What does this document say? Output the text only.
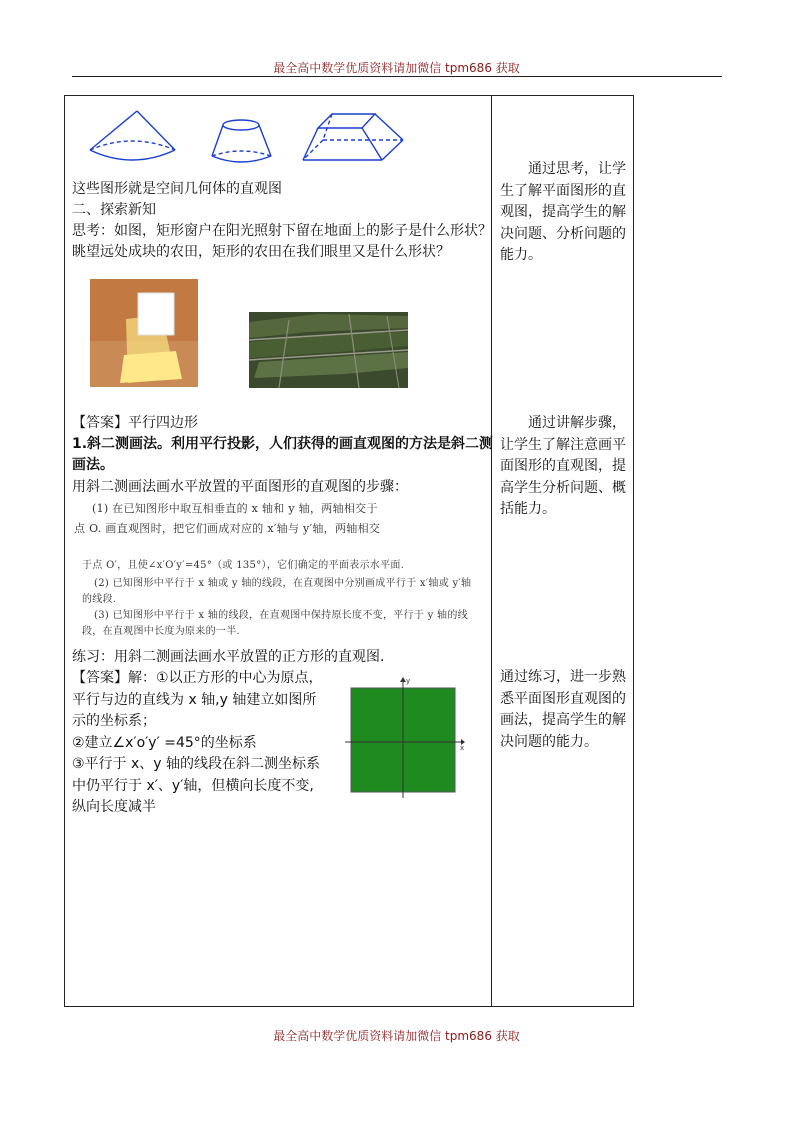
最全高中数学优质资料请加微信 tpm686 获取
这些图形就是空间几何体的直观图
二、探索新知
思考：如图，矩形窗户在阳光照射下留在地面上的影子是什么形状？
眺望远处成块的农田，矩形的农田在我们眼里又是什么形状？
通过思考，让学生了解平面图形的直观图，提高学生的解决问题、分析问题的能力。
通过讲解步骤，让学生了解注意画平面图形的直观图，提高学生分析问题、概括能力。
通过练习，进一步熟悉平面图形直观图的画法，提高学生的解决问题的能力。
【答案】平行四边形
1.斜二测画法。利用平行投影，人们获得的画直观图的方法是斜二测
画法。
用斜二测画法画水平放置的平面图形的直观图的步骤：
(1) 在已知图形中取互相垂直的 x 轴和 y 轴，两轴相交于
点 O. 画直观图时，把它们画成对应的 x′轴与 y′轴，两轴相交
于点 O′，且使∠x′O′y′=45°（或 135°），它们确定的平面表示水平面.
(2) 已知图形中平行于 x 轴或 y 轴的线段，在直观图中分别画成平行于 x′轴或 y′轴
的线段.
(3) 已知图形中平行于 x 轴的线段，在直观图中保持原长度不变，平行于 y 轴的线
段，在直观图中长度为原来的一半.
练习：用斜二测画法画水平放置的正方形的直观图.
【答案】解：①以正方形的中心为原点，
平行与边的直线为 x 轴,y 轴建立如图所
示的坐标系；
②建立∠x′o′y′ =45°的坐标系
③平行于 x、y 轴的线段在斜二测坐标系
中仍平行于 x′、y′轴，但横向长度不变,
纵向长度减半
x
y
最全高中数学优质资料请加微信 tpm686 获取
